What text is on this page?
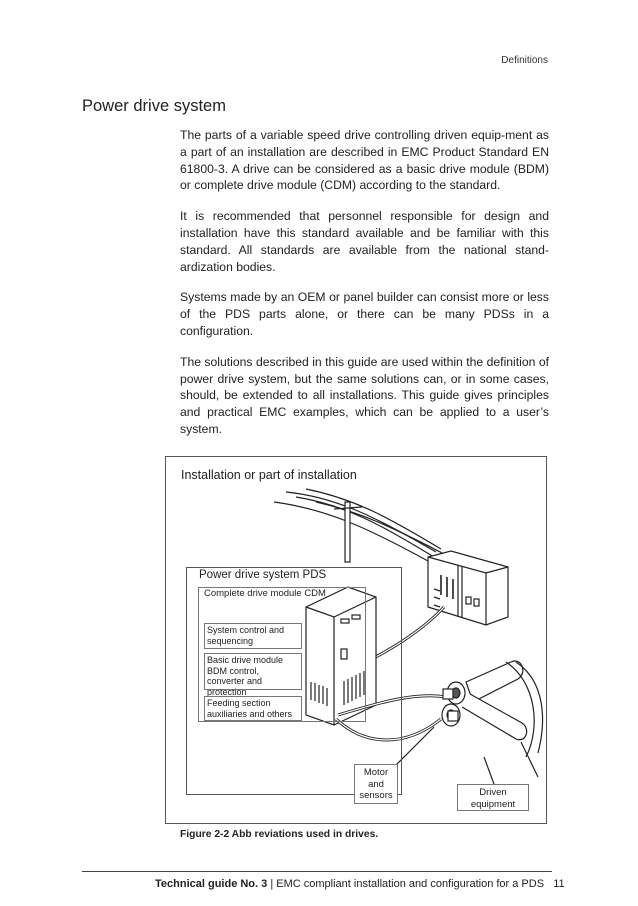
Definitions
Power drive system

The parts of a variable speed drive controlling driven equip-ment as a part of an installation are described in EMC Product Standard EN 61800-3. A drive can be considered as a basic drive module (BDM) or complete drive module (CDM) according to the standard.

It is recommended that personnel responsible for design and installation have this standard available and be familiar with this standard. All standards are available from the national stand-ardization bodies.

Systems made by an OEM or panel builder can consist more or less of the PDS parts alone, or there can be many PDSs in a configuration.

The solutions described in this guide are used within the definition of power drive system, but the same solutions can, or in some cases, should, be extended to all installations. This guide gives principles and practical EMC examples, which can be applied to a user’s system.

Installation or part of installation
Power drive system PDS
Complete drive module CDM
System control and sequencing
Basic drive module BDM control, converter and protection
Feeding section auxiliaries and others
Motor and sensors	Driven equipment
Figure 2-2 Abb reviations used in drives.
Technical guide No. 3 | EMC compliant installation and configuration for a PDS 11
